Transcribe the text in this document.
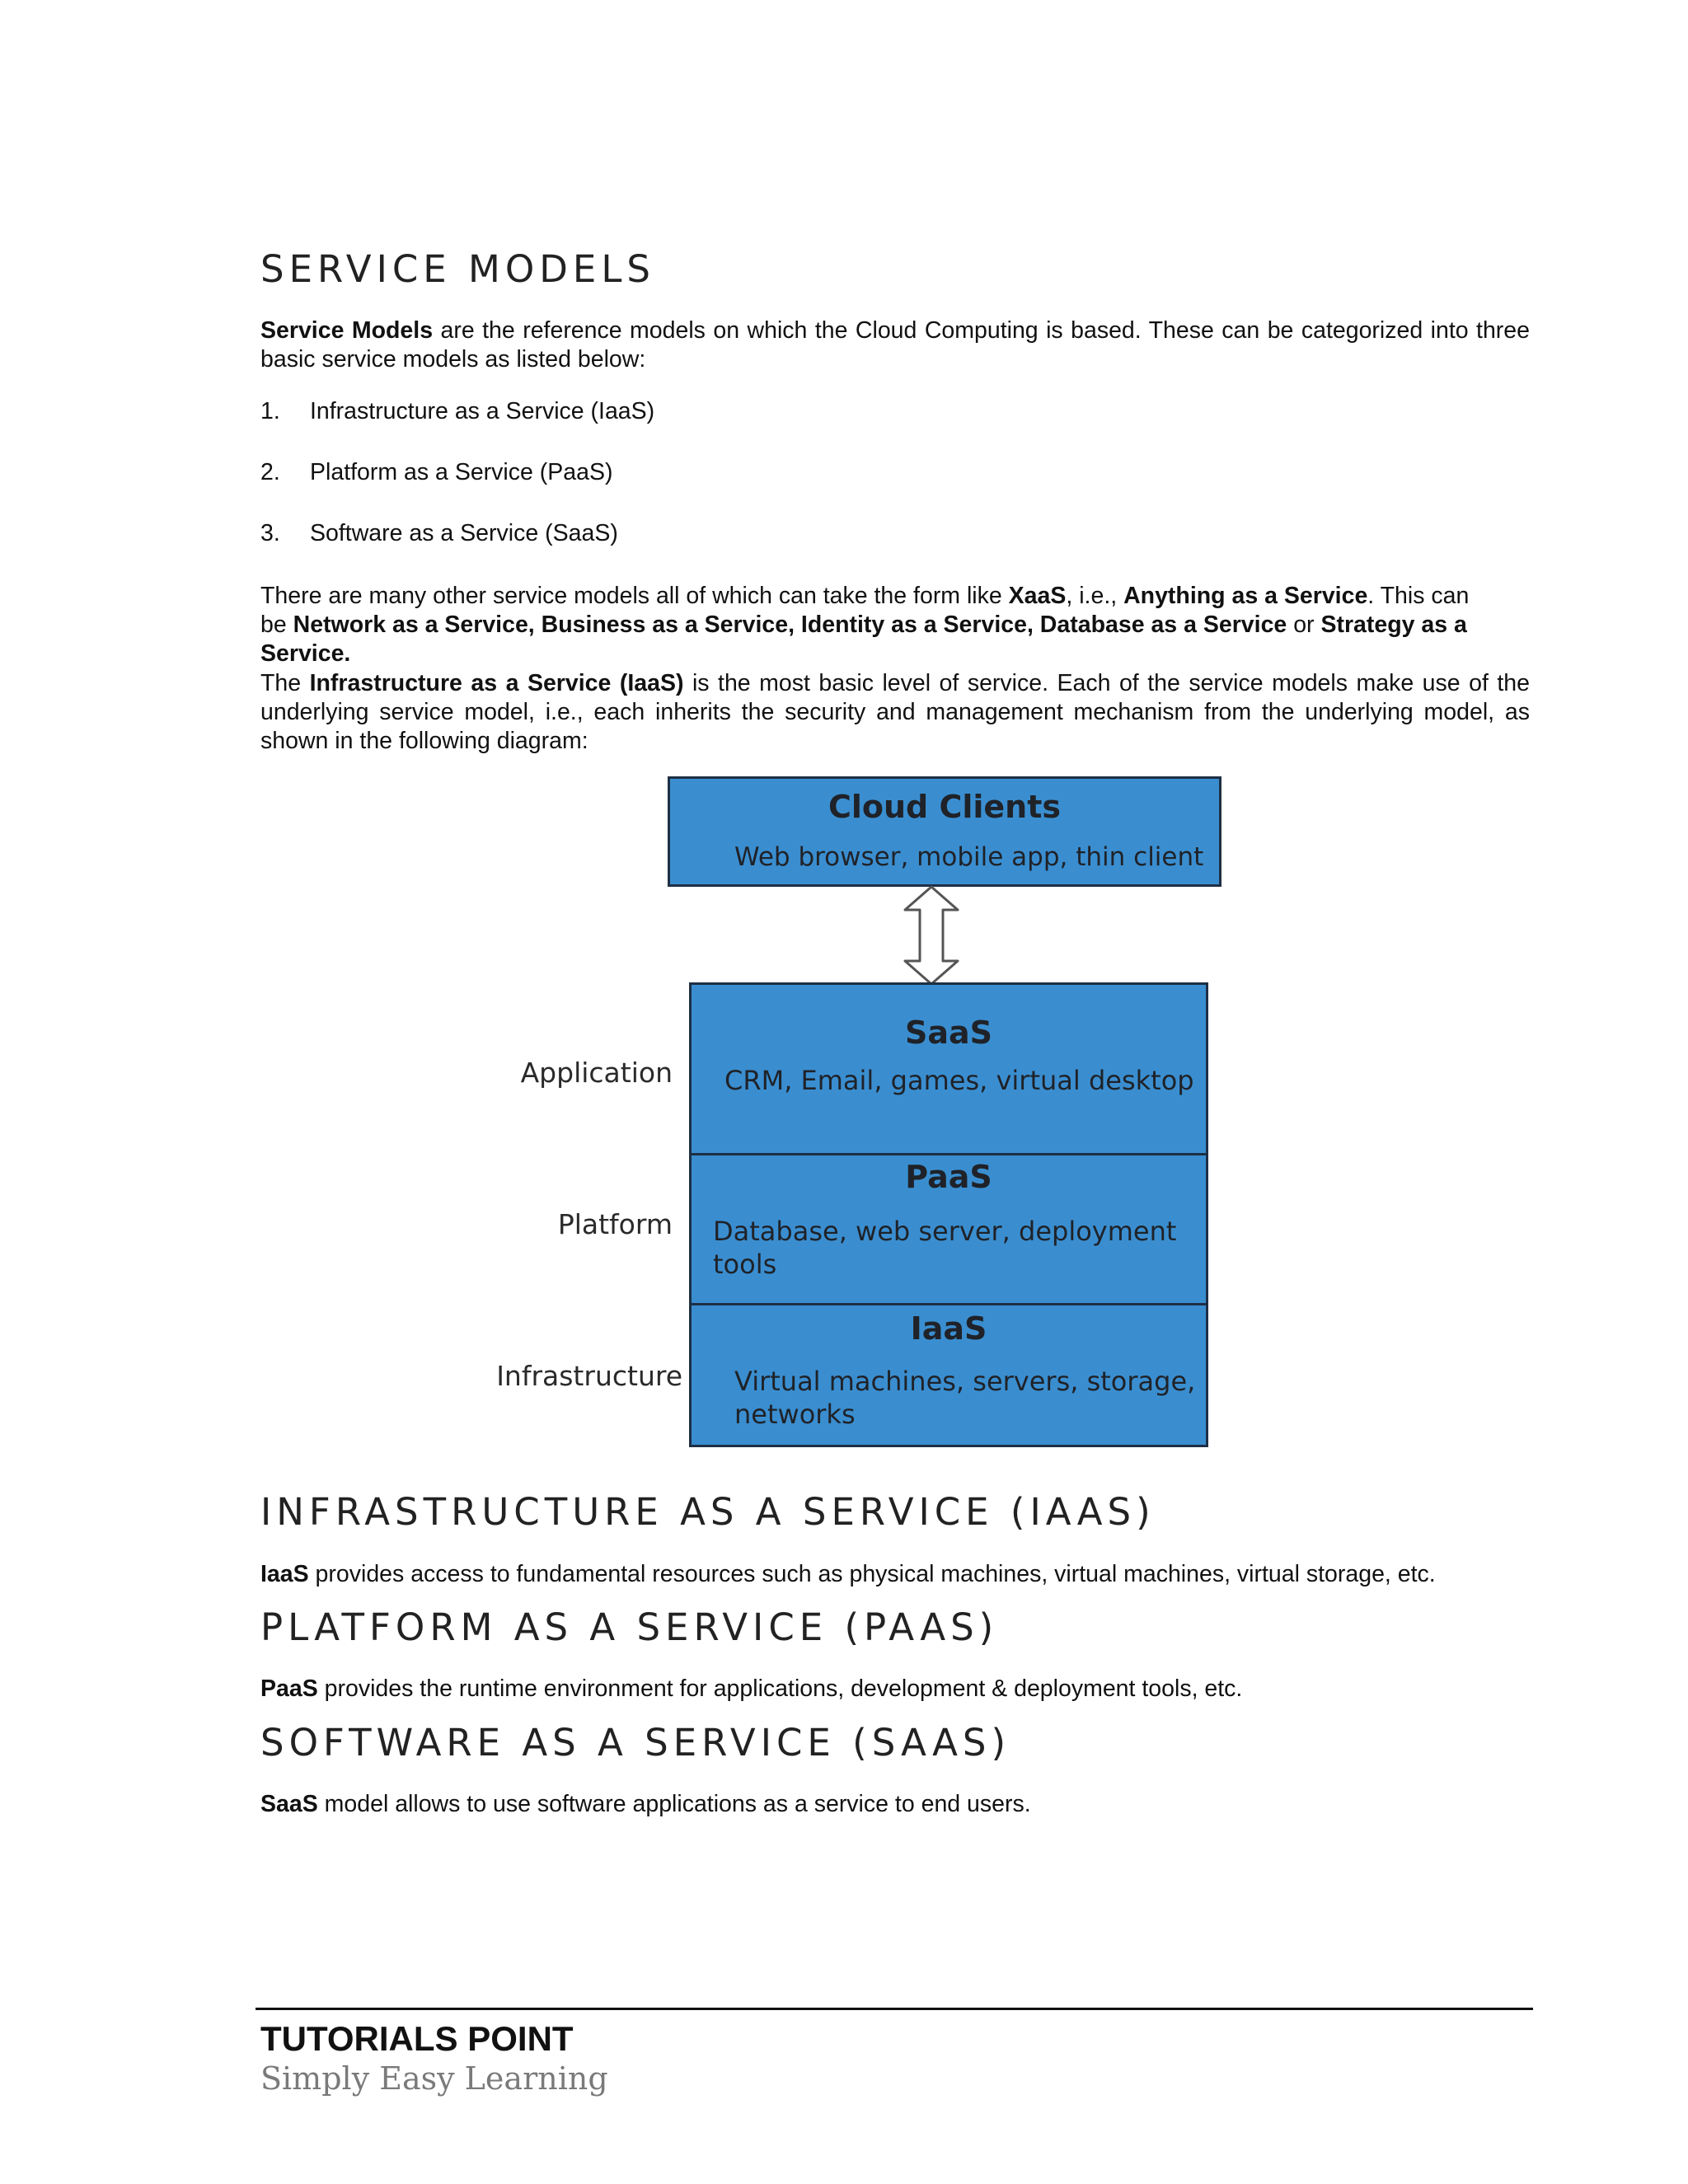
SERVICE MODELS

Service Models are the reference models on which the Cloud Computing is based. These can be categorized into three basic service models as listed below:

1. Infrastructure as a Service (IaaS)
2. Platform as a Service (PaaS)
3. Software as a Service (SaaS)

There are many other service models all of which can take the form like XaaS, i.e., Anything as a Service. This can be Network as a Service, Business as a Service, Identity as a Service, Database as a Service or Strategy as a Service.

The Infrastructure as a Service (IaaS) is the most basic level of service. Each of the service models make use of the underlying service model, i.e., each inherits the security and management mechanism from the underlying model, as shown in the following diagram:

Cloud Clients
Web browser, mobile app, thin client
SaaS
CRM, Email, games, virtual desktop
PaaS
Database, web server, deployment
tools
IaaS
Virtual machines, servers, storage,
networks
Application
Platform
Infrastructure
INFRASTRUCTURE AS A SERVICE (IAAS)

IaaS provides access to fundamental resources such as physical machines, virtual machines, virtual storage, etc.

PLATFORM AS A SERVICE (PAAS)

PaaS provides the runtime environment for applications, development & deployment tools, etc.

SOFTWARE AS A SERVICE (SAAS)

SaaS model allows to use software applications as a service to end users.

TUTORIALS POINT
Simply Easy Learning
